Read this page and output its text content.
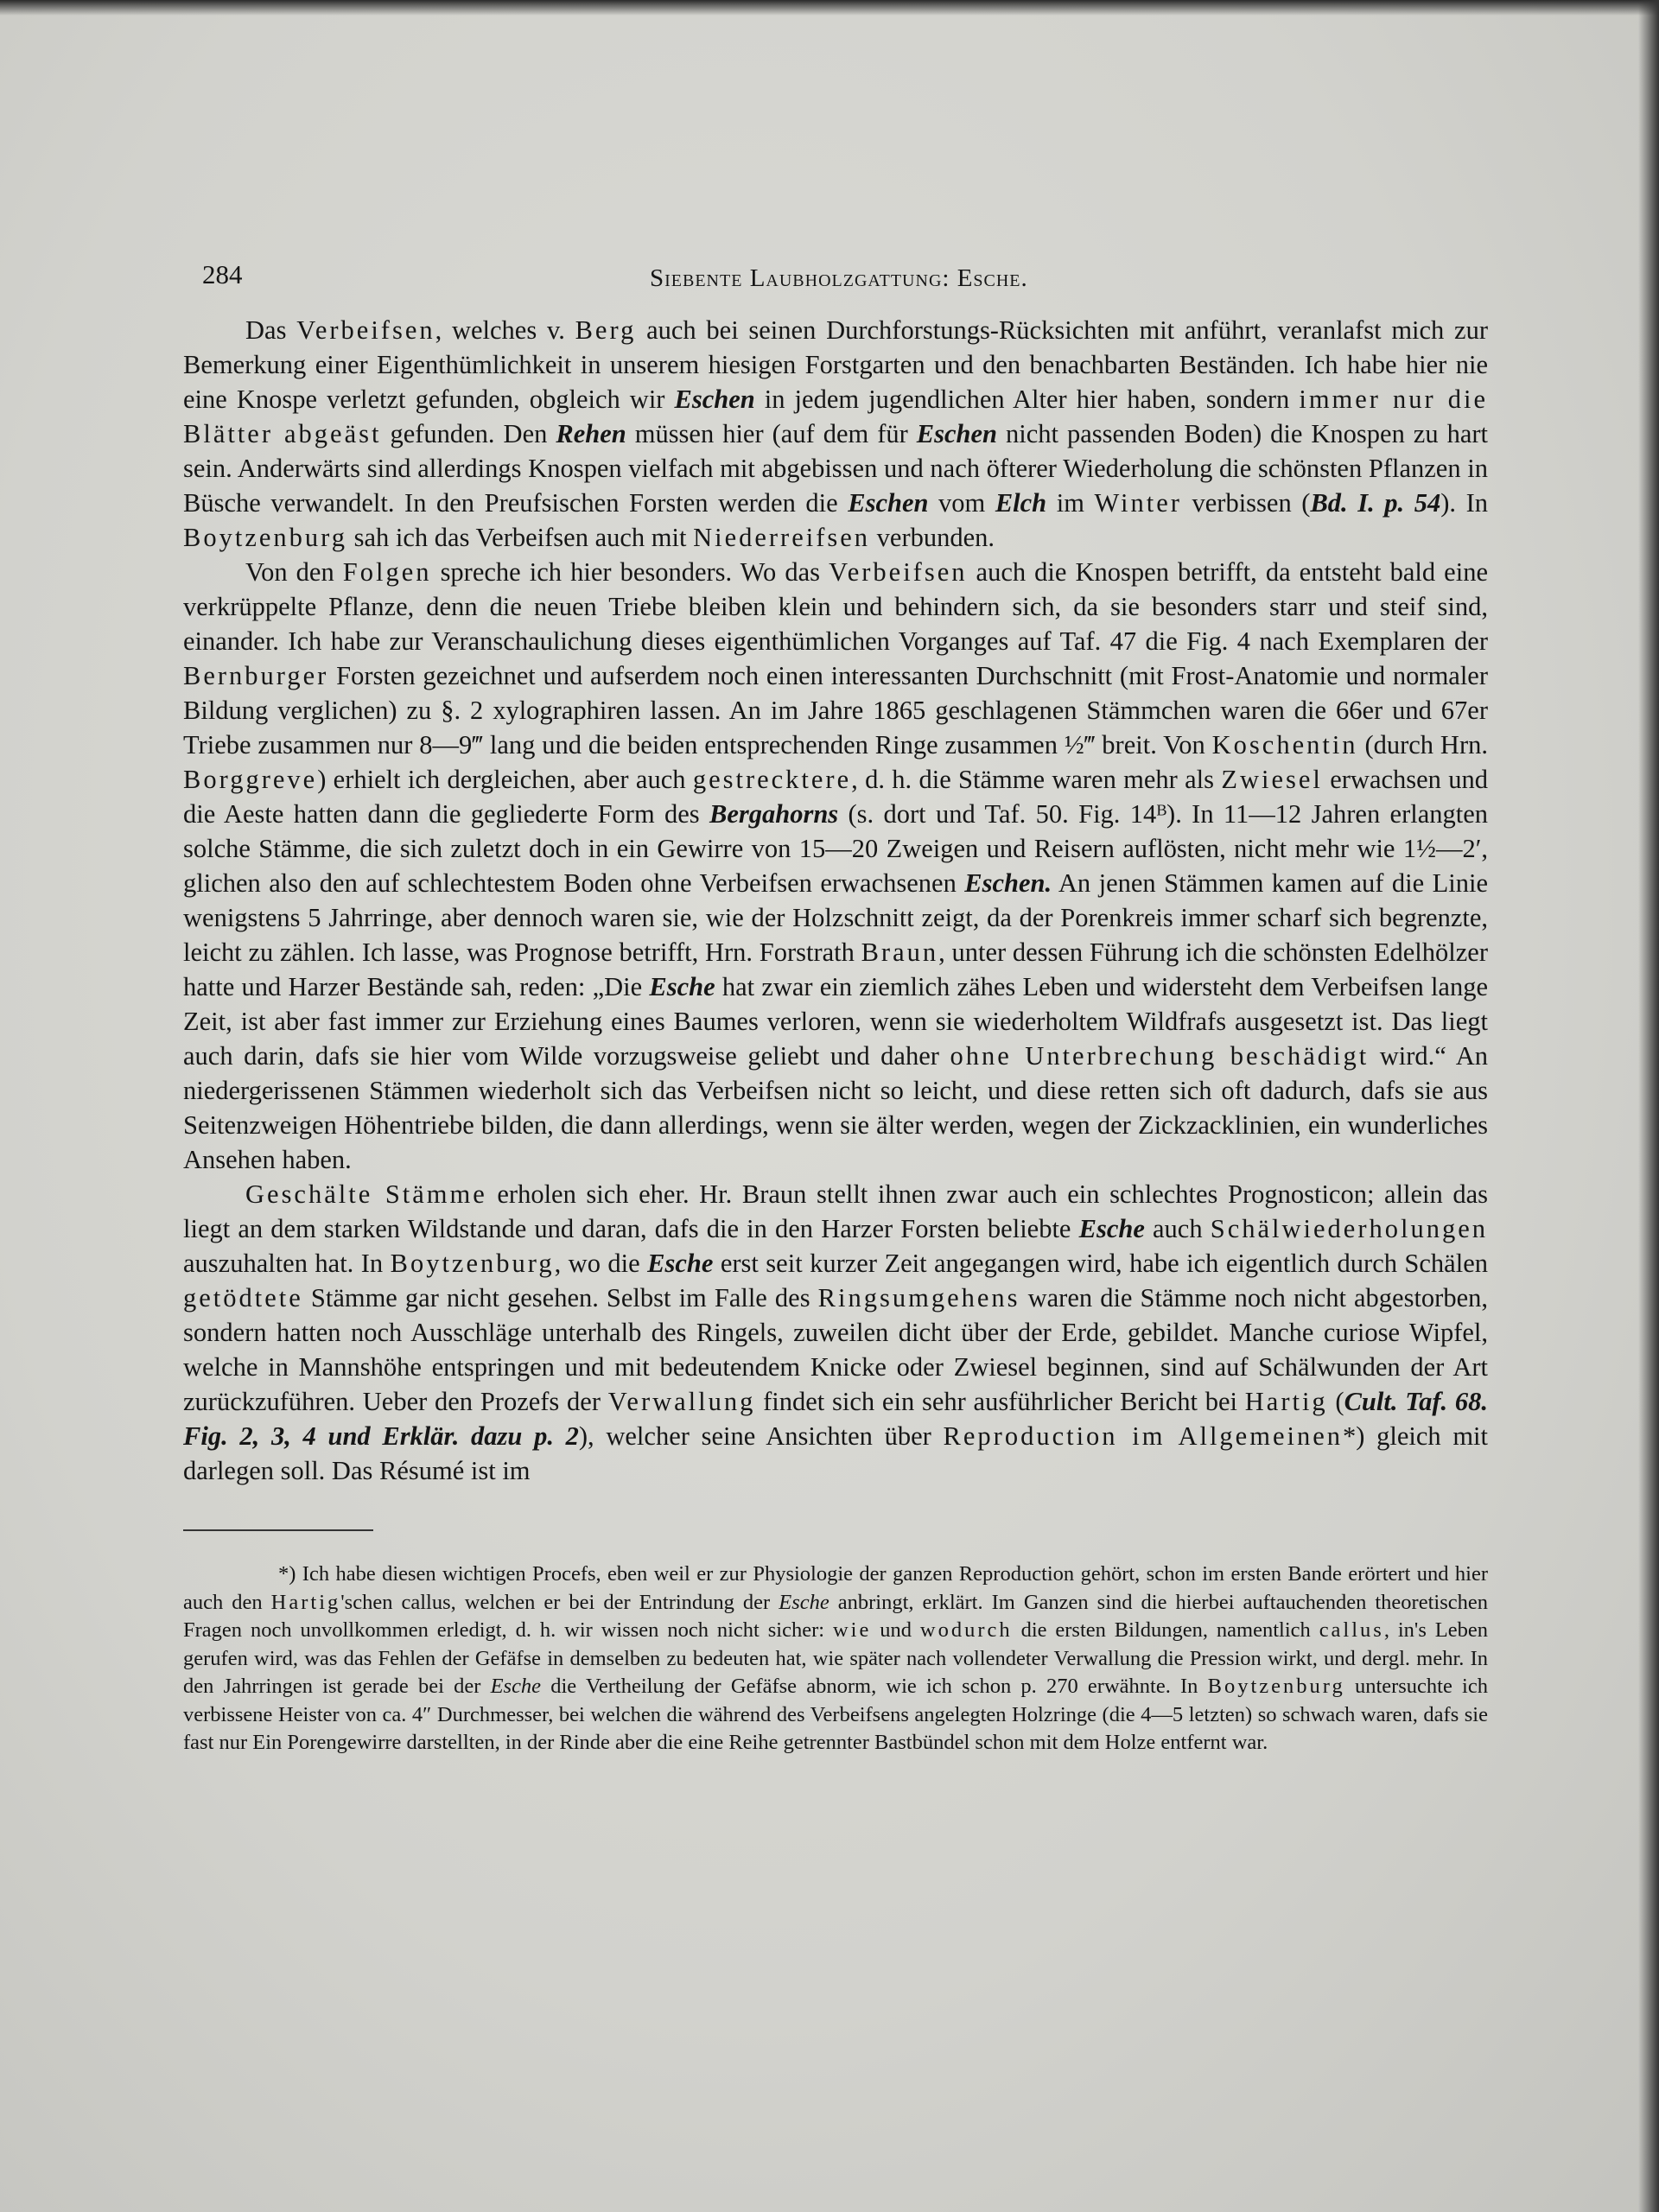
284	Siebente Laubholzgattung: Esche.

Das Verbeifsen, welches v. Berg auch bei seinen Durchforstungs-Rücksichten mit anführt, veranlafst mich zur Bemerkung einer Eigenthümlichkeit in unserem hiesigen Forstgarten und den benachbarten Beständen. Ich habe hier nie eine Knospe verletzt gefunden, obgleich wir Eschen in jedem jugendlichen Alter hier haben, sondern immer nur die Blätter abgeäst gefunden. Den Rehen müssen hier (auf dem für Eschen nicht passenden Boden) die Knospen zu hart sein. Anderwärts sind allerdings Knospen vielfach mit abgebissen und nach öfterer Wiederholung die schönsten Pflanzen in Büsche verwandelt. In den Preufsischen Forsten werden die Eschen vom Elch im Winter verbissen (Bd. I. p. 54). In Boytzenburg sah ich das Verbeifsen auch mit Niederreifsen verbunden.

Von den Folgen spreche ich hier besonders. Wo das Verbeifsen auch die Knospen betrifft, da entsteht bald eine verkrüppelte Pflanze, denn die neuen Triebe bleiben klein und behindern sich, da sie besonders starr und steif sind, einander. Ich habe zur Veranschaulichung dieses eigenthümlichen Vorganges auf Taf. 47 die Fig. 4 nach Exemplaren der Bernburger Forsten gezeichnet und aufserdem noch einen interessanten Durchschnitt (mit Frost-Anatomie und normaler Bildung verglichen) zu §. 2 xylographiren lassen. An im Jahre 1865 geschlagenen Stämmchen waren die 66er und 67er Triebe zusammen nur 8—9‴ lang und die beiden entsprechenden Ringe zusammen ½‴ breit. Von Koschentin (durch Hrn. Borggreve) erhielt ich dergleichen, aber auch gestrecktere, d. h. die Stämme waren mehr als Zwiesel erwachsen und die Aeste hatten dann die gegliederte Form des Bergahorns (s. dort und Taf. 50. Fig. 14ᴮ). In 11—12 Jahren erlangten solche Stämme, die sich zuletzt doch in ein Gewirre von 15—20 Zweigen und Reisern auflösten, nicht mehr wie 1½—2′, glichen also den auf schlechtestem Boden ohne Verbeifsen erwachsenen Eschen. An jenen Stämmen kamen auf die Linie wenigstens 5 Jahrringe, aber dennoch waren sie, wie der Holzschnitt zeigt, da der Porenkreis immer scharf sich begrenzte, leicht zu zählen. Ich lasse, was Prognose betrifft, Hrn. Forstrath Braun, unter dessen Führung ich die schönsten Edelhölzer hatte und Harzer Bestände sah, reden: „Die Esche hat zwar ein ziemlich zähes Leben und widersteht dem Verbeifsen lange Zeit, ist aber fast immer zur Erziehung eines Baumes verloren, wenn sie wiederholtem Wildfrafs ausgesetzt ist. Das liegt auch darin, dafs sie hier vom Wilde vorzugsweise geliebt und daher ohne Unterbrechung beschädigt wird.“ An niedergerissenen Stämmen wiederholt sich das Verbeifsen nicht so leicht, und diese retten sich oft dadurch, dafs sie aus Seitenzweigen Höhentriebe bilden, die dann allerdings, wenn sie älter werden, wegen der Zickzacklinien, ein wunderliches Ansehen haben.

Geschälte Stämme erholen sich eher. Hr. Braun stellt ihnen zwar auch ein schlechtes Prognosticon; allein das liegt an dem starken Wildstande und daran, dafs die in den Harzer Forsten beliebte Esche auch Schälwiederholungen auszuhalten hat. In Boytzenburg, wo die Esche erst seit kurzer Zeit angegangen wird, habe ich eigentlich durch Schälen getödtete Stämme gar nicht gesehen. Selbst im Falle des Ringsumgehens waren die Stämme noch nicht abgestorben, sondern hatten noch Ausschläge unterhalb des Ringels, zuweilen dicht über der Erde, gebildet. Manche curiose Wipfel, welche in Mannshöhe entspringen und mit bedeutendem Knicke oder Zwiesel beginnen, sind auf Schälwunden der Art zurückzuführen. Ueber den Prozefs der Verwallung findet sich ein sehr ausführlicher Bericht bei Hartig (Cult. Taf. 68. Fig. 2, 3, 4 und Erklär. dazu p. 2), welcher seine Ansichten über Reproduction im Allgemeinen*) gleich mit darlegen soll. Das Résumé ist im

*) Ich habe diesen wichtigen Procefs, eben weil er zur Physiologie der ganzen Reproduction gehört, schon im ersten Bande erörtert und hier auch den Hartig'schen callus, welchen er bei der Entrindung der Esche anbringt, erklärt. Im Ganzen sind die hierbei auftauchenden theoretischen Fragen noch unvollkommen erledigt, d. h. wir wissen noch nicht sicher: wie und wodurch die ersten Bildungen, namentlich callus, in's Leben gerufen wird, was das Fehlen der Gefäfse in demselben zu bedeuten hat, wie später nach vollendeter Verwallung die Pression wirkt, und dergl. mehr. In den Jahrringen ist gerade bei der Esche die Vertheilung der Gefäfse abnorm, wie ich schon p. 270 erwähnte. In Boytzenburg untersuchte ich verbissene Heister von ca. 4″ Durchmesser, bei welchen die während des Verbeifsens angelegten Holzringe (die 4—5 letzten) so schwach waren, dafs sie fast nur Ein Porengewirre darstellten, in der Rinde aber die eine Reihe getrennter Bastbündel schon mit dem Holze entfernt war.
